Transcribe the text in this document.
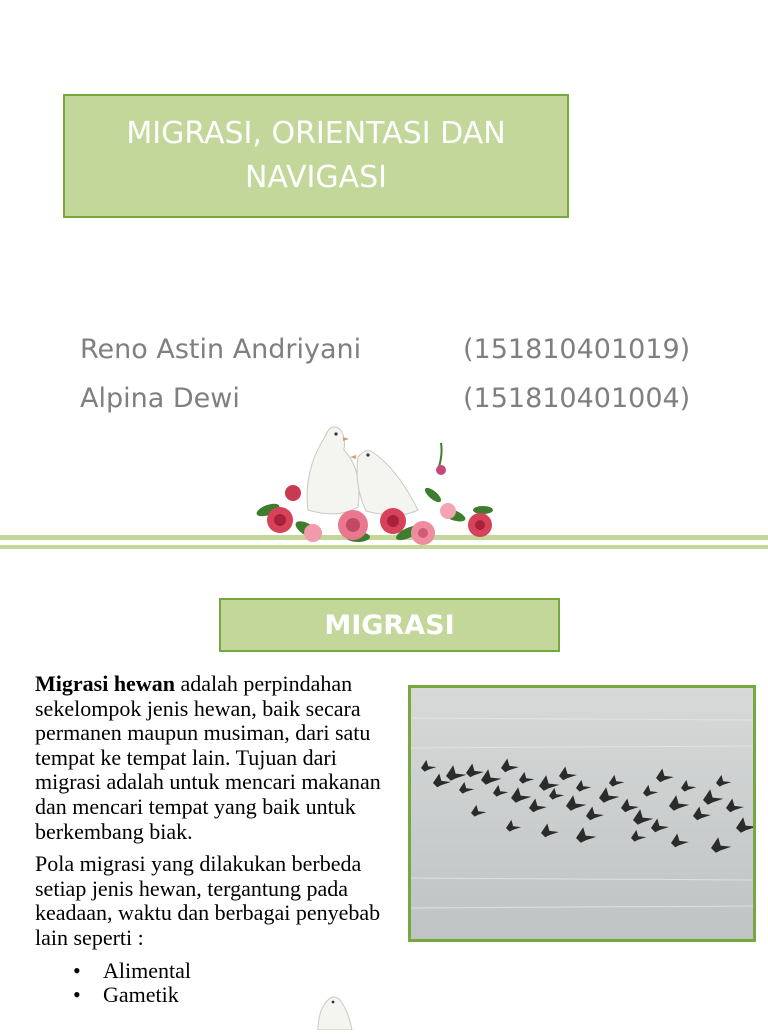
MIGRASI, ORIENTASI DAN NAVIGASI
Reno Astin Andriyani	(151810401019)
Alpina Dewi	(151810401004)
MIGRASI

Migrasi hewan adalah perpindahan sekelompok jenis hewan, baik secara permanen maupun musiman, dari satu tempat ke tempat lain. Tujuan dari migrasi adalah untuk mencari makanan dan mencari tempat yang baik untuk berkembang biak.

Pola migrasi yang dilakukan berbeda setiap jenis hewan, tergantung pada keadaan, waktu dan berbagai penyebab lain seperti :

• Alimental
• Gametik
